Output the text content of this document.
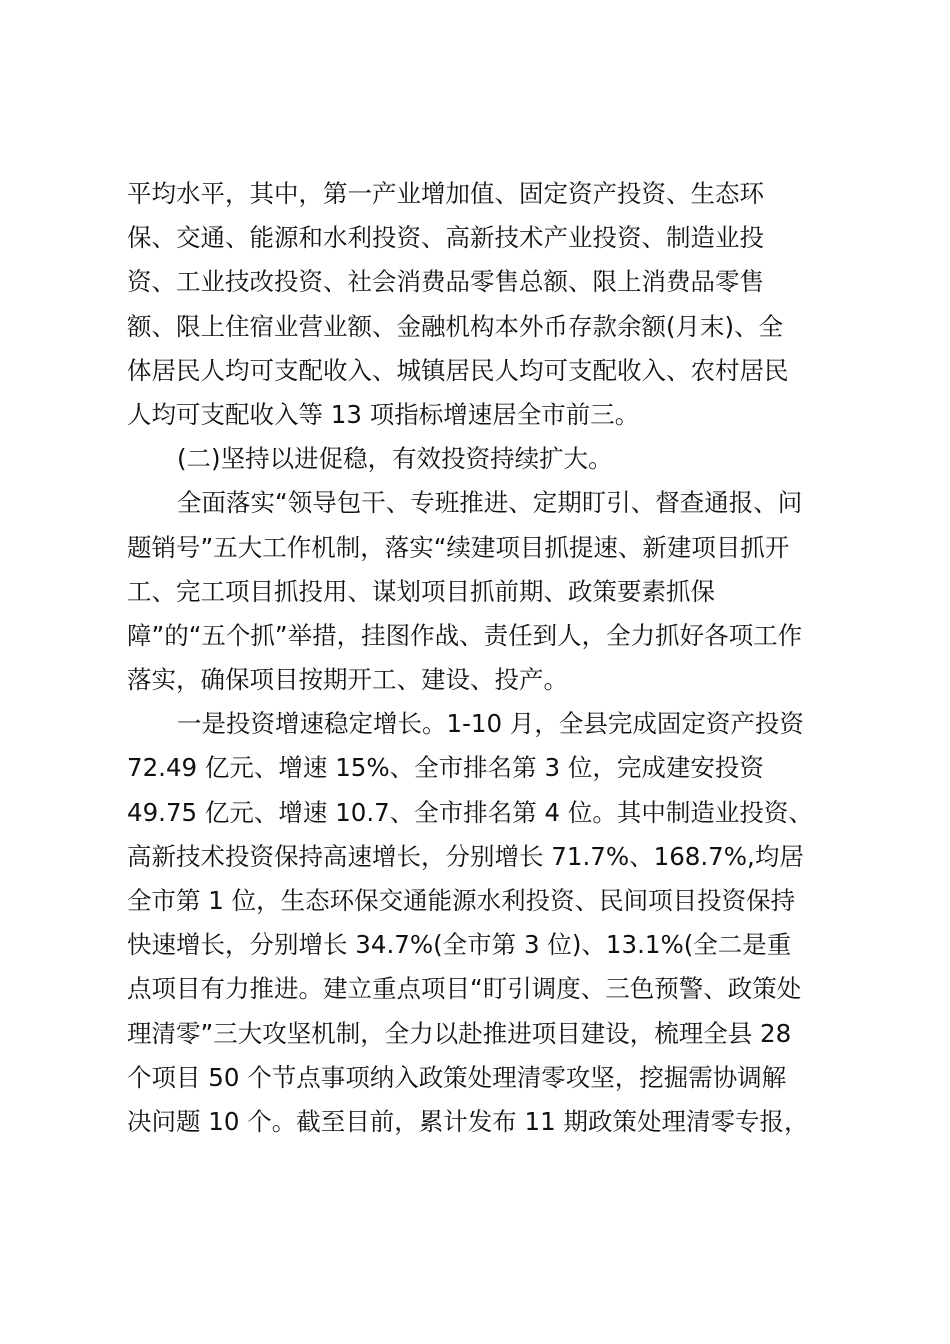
平均水平，其中，第一产业增加值、固定资产投资、生态环
保、交通、能源和水利投资、高新技术产业投资、制造业投
资、工业技改投资、社会消费品零售总额、限上消费品零售
额、限上住宿业营业额、金融机构本外币存款余额(月末)、全
体居民人均可支配收入、城镇居民人均可支配收入、农村居民
人均可支配收入等 13 项指标增速居全市前三。
(二)坚持以进促稳，有效投资持续扩大。
全面落实“领导包干、专班推进、定期盯引、督查通报、问
题销号”五大工作机制，落实“续建项目抓提速、新建项目抓开
工、完工项目抓投用、谋划项目抓前期、政策要素抓保
障”的“五个抓”举措，挂图作战、责任到人，全力抓好各项工作
落实，确保项目按期开工、建设、投产。
一是投资增速稳定增长。1-10 月，全县完成固定资产投资
72.49 亿元、增速 15%、全市排名第 3 位，完成建安投资
49.75 亿元、增速 10.7、全市排名第 4 位。其中制造业投资、
高新技术投资保持高速增长，分别增长 71.7%、168.7%,均居
全市第 1 位，生态环保交通能源水利投资、民间项目投资保持
快速增长，分别增长 34.7%(全市第 3 位)、13.1%(全二是重
点项目有力推进。建立重点项目“盯引调度、三色预警、政策处
理清零”三大攻坚机制，全力以赴推进项目建设，梳理全县 28
个项目 50 个节点事项纳入政策处理清零攻坚，挖掘需协调解
决问题 10 个。截至目前，累计发布 11 期政策处理清零专报，
